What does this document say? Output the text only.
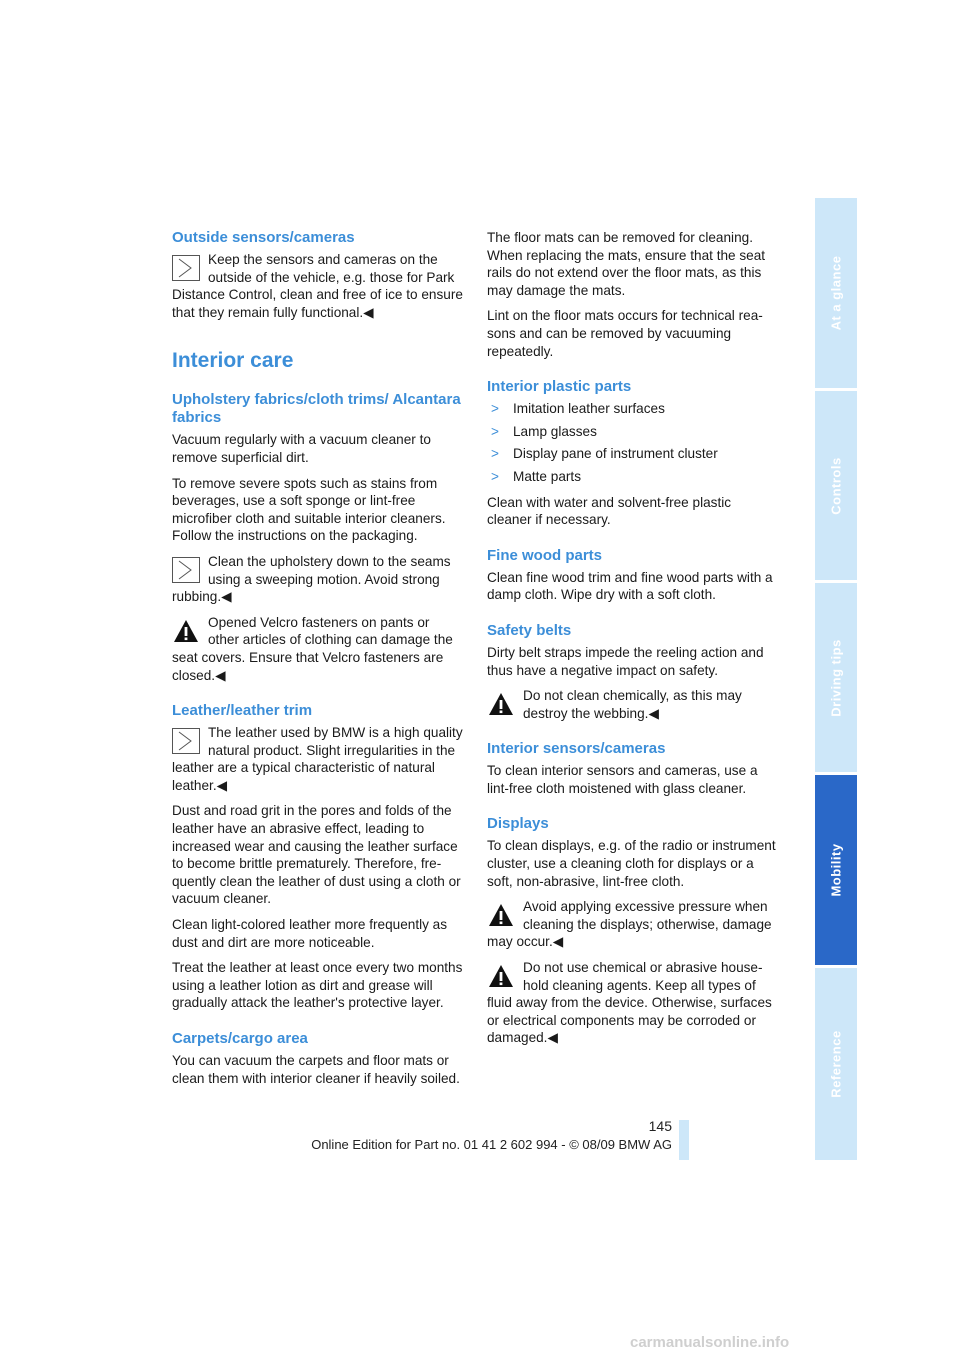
Outside sensors/cameras
Keep the sensors and cameras on the outside of the vehicle, e.g. those for Park Distance Control, clean and free of ice to ensure that they remain fully functional.◀
Interior care
Upholstery fabrics/cloth trims/ Alcantara fabrics

Vacuum regularly with a vacuum cleaner to remove superficial dirt.

To remove severe spots such as stains from beverages, use a soft sponge or lint-free microfiber cloth and suitable interior cleaners. Follow the instructions on the packaging.

Clean the upholstery down to the seams using a sweeping motion. Avoid strong rubbing.◀
Opened Velcro fasteners on pants or other articles of clothing can damage the seat covers. Ensure that Velcro fasteners are closed.◀
Leather/leather trim
The leather used by BMW is a high quality natural product. Slight irregularities in the leather are a typical characteristic of natural leather.◀

Dust and road grit in the pores and folds of the leather have an abrasive effect, leading to increased wear and causing the leather surface to become brittle prematurely. Therefore, fre-quently clean the leather of dust using a cloth or vacuum cleaner.

Clean light-colored leather more frequently as dust and dirt are more noticeable.

Treat the leather at least once every two months using a leather lotion as dirt and grease will gradually attack the leather's protective layer.

Carpets/cargo area

You can vacuum the carpets and floor mats or clean them with interior cleaner if heavily soiled.

The floor mats can be removed for cleaning. When replacing the mats, ensure that the seat rails do not extend over the floor mats, as this may damage the mats.

Lint on the floor mats occurs for technical rea-sons and can be removed by vacuuming repeatedly.

Interior plastic parts
> Imitation leather surfaces
> Lamp glasses
> Display pane of instrument cluster
> Matte parts

Clean with water and solvent-free plastic cleaner if necessary.

Fine wood parts

Clean fine wood trim and fine wood parts with a damp cloth. Wipe dry with a soft cloth.

Safety belts

Dirty belt straps impede the reeling action and thus have a negative impact on safety.

Do not clean chemically, as this may destroy the webbing.◀
Interior sensors/cameras

To clean interior sensors and cameras, use a lint-free cloth moistened with glass cleaner.

Displays

To clean displays, e.g. of the radio or instrument cluster, use a cleaning cloth for displays or a soft, non-abrasive, lint-free cloth.

Avoid applying excessive pressure when cleaning the displays; otherwise, damage may occur.◀
Do not use chemical or abrasive house-hold cleaning agents. Keep all types of fluid away from the device. Otherwise, surfaces or electrical components may be corroded or damaged.◀
At a glance
Controls
Driving tips
Mobility
Reference
145
Online Edition for Part no. 01 41 2 602 994 - © 08/09 BMW AG
carmanualsonline.info
